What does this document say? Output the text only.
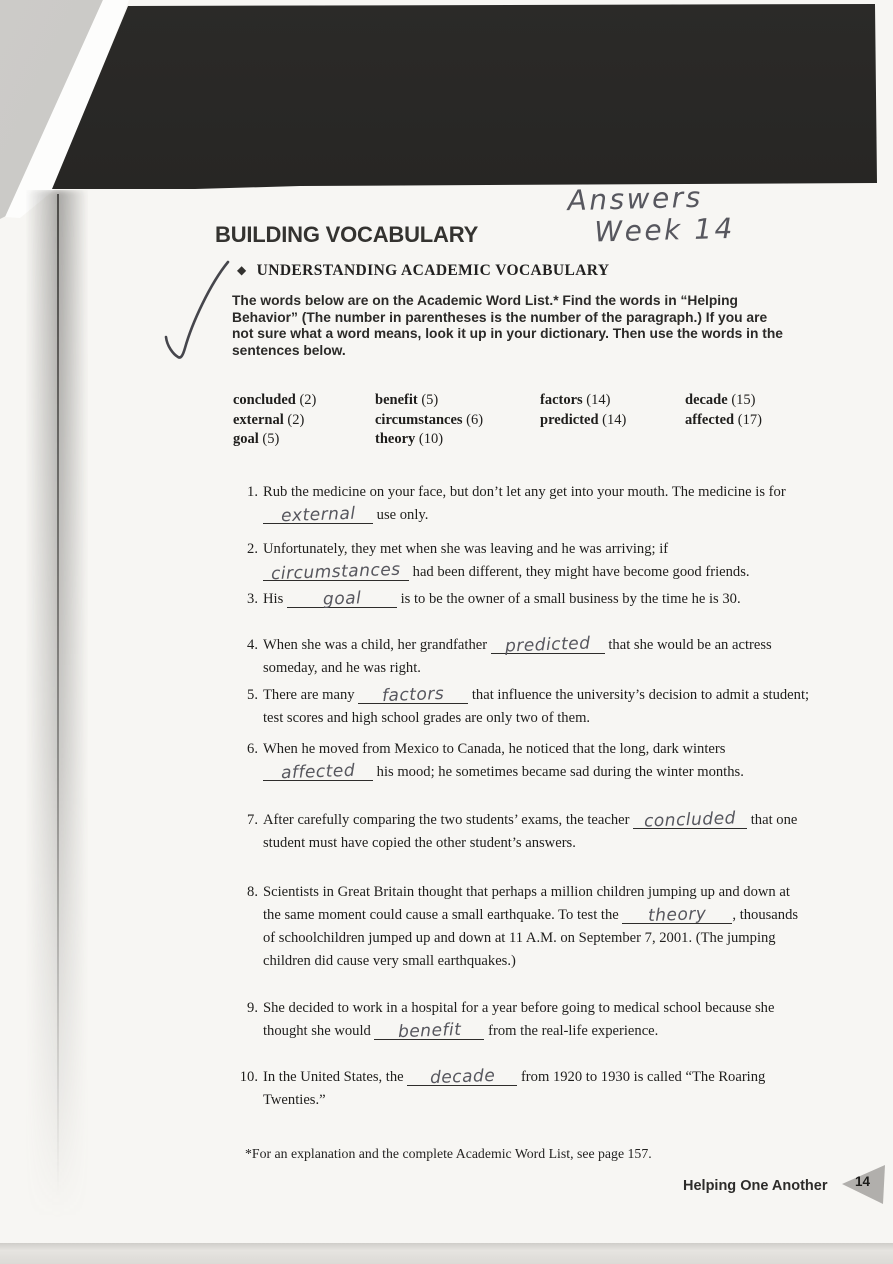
BUILDING VOCABULARY
Answers
Week 14
◆ UNDERSTANDING ACADEMIC VOCABULARY

The words below are on the Academic Word List.* Find the words in “Helping Behavior” (The number in parentheses is the number of the paragraph.) If you are not sure what a word means, look it up in your dictionary. Then use the words in the sentences below.

concluded (2)
external (2)
goal (5)
benefit (5)
circumstances (6)
theory (10)
factors (14)
predicted (14)
decade (15)
affected (17)
1. Rub the medicine on your face, but don’t let any get into your mouth. The medicine is for external use only.
2. Unfortunately, they met when she was leaving and he was arriving; if circumstances had been different, they might have become good friends.
3. His goal is to be the owner of a small business by the time he is 30.
4. When she was a child, her grandfather predicted that she would be an actress someday, and he was right.
5. There are many factors that influence the university’s decision to admit a student; test scores and high school grades are only two of them.
6. When he moved from Mexico to Canada, he noticed that the long, dark winters affected his mood; he sometimes became sad during the winter months.
7. After carefully comparing the two students’ exams, the teacher concluded that one student must have copied the other student’s answers.
8. Scientists in Great Britain thought that perhaps a million children jumping up and down at the same moment could cause a small earthquake. To test the theory , thousands of schoolchildren jumped up and down at 11 A.M. on September 7, 2001. (The jumping children did cause very small earthquakes.)
9. She decided to work in a hospital for a year before going to medical school because she thought she would benefit from the real-life experience.
10. In the United States, the decade from 1920 to 1930 is called “The Roaring Twenties.”

*For an explanation and the complete Academic Word List, see page 157.

Helping One Another 14
